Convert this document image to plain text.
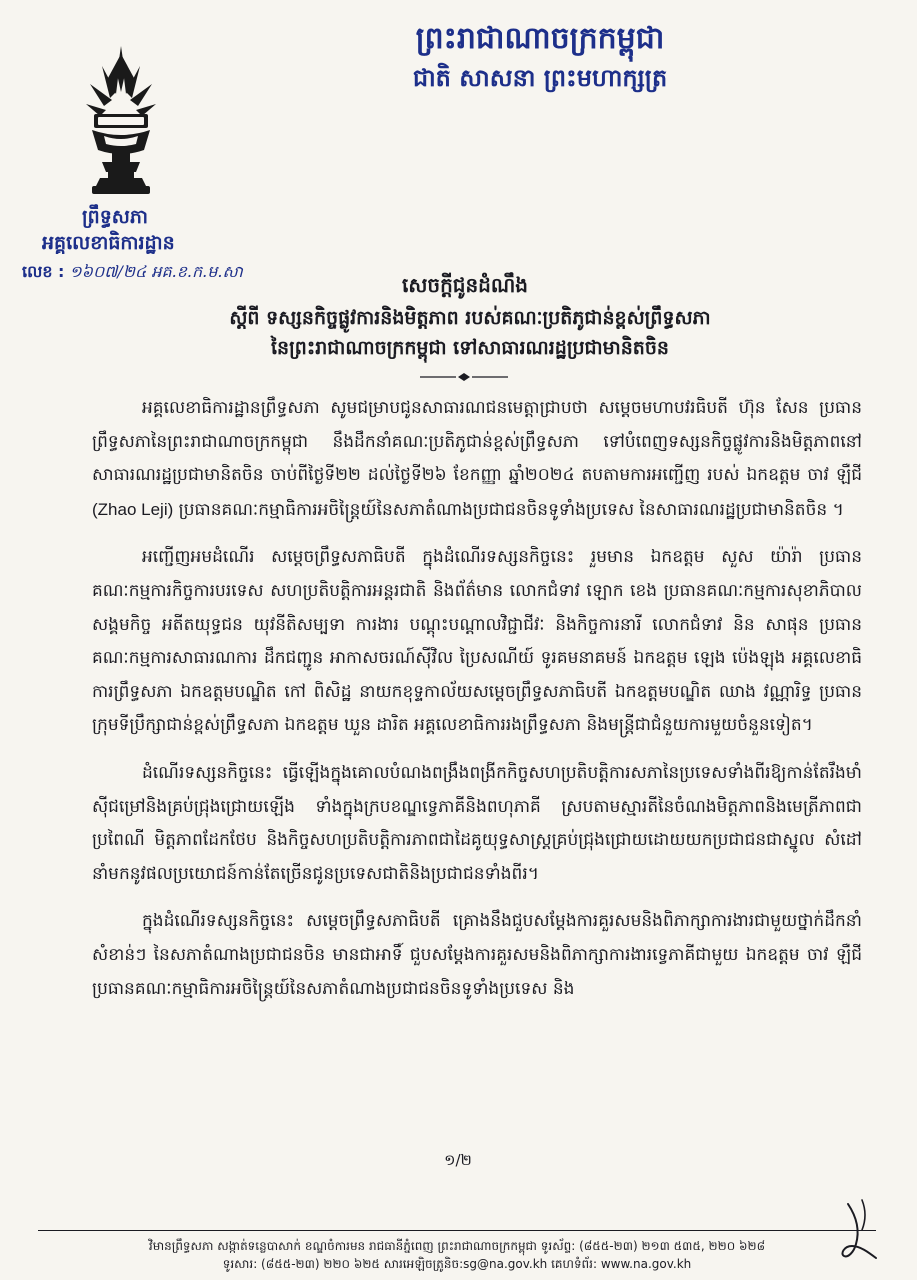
ព្រះរាជាណាចក្រកម្ពុជា
ជាតិ សាសនា ព្រះមហាក្សត្រ
ព្រឹទ្ធសភា
អគ្គលេខាធិការដ្ឋាន
លេខ : ១៦០៧/២៤ អគ.ខ.ក.ម.សា
សេចក្តីជូនដំណឹង
ស្តីពី ទស្សនកិច្ចផ្លូវការនិងមិត្តភាព របស់គណៈប្រតិភូជាន់ខ្ពស់ព្រឹទ្ធសភា
នៃព្រះរាជាណាចក្រកម្ពុជា ទៅសាធារណរដ្ឋប្រជាមានិតចិន

អគ្គលេខាធិការដ្ឋានព្រឹទ្ធសភា សូមជម្រាបជូនសាធារណជនមេត្តាជ្រាបថា សម្តេចមហាបវរធិបតី ហ៊ុន សែន ប្រធានព្រឹទ្ធសភានៃព្រះរាជាណាចក្រកម្ពុជា នឹងដឹកនាំគណៈប្រតិភូជាន់ខ្ពស់ព្រឹទ្ធសភា ទៅបំពេញទស្សនកិច្ចផ្លូវការនិងមិត្តភាពនៅសាធារណរដ្ឋប្រជាមានិតចិន ចាប់ពីថ្ងៃទី២២ ដល់ថ្ងៃទី២៦ ខែកញ្ញា ឆ្នាំ២០២៤ តបតាមការអញ្ជើញ របស់ ឯកឧត្តម ចាវ ឡឺជី (Zhao Leji) ប្រធានគណៈកម្មាធិការអចិន្ត្រៃយ៍នៃសភាតំណាងប្រជាជនចិនទូទាំងប្រទេស នៃសាធារណរដ្ឋប្រជាមានិតចិន ។

អញ្ជើញអមដំណើរ សម្តេចព្រឹទ្ធសភាធិបតី ក្នុងដំណើរទស្សនកិច្ចនេះ រួមមាន ឯកឧត្តម សួស យ៉ារ៉ា ប្រធានគណៈកម្មការកិច្ចការបរទេស សហប្រតិបត្តិការអន្តរជាតិ និងព័ត៌មាន លោកជំទាវ ឡោក ខេង ប្រធានគណៈកម្មការសុខាភិបាល សង្គមកិច្ច អតីតយុទ្ធជន យុវនីតិសម្បទា ការងារ បណ្តុះបណ្តាលវិជ្ជាជីវៈ និងកិច្ចការនារី លោកជំទាវ និន សាផុន ប្រធានគណៈកម្មការសាធារណការ ដឹកជញ្ជូន អាកាសចរណ៍ស៊ីវិល ប្រៃសណីយ៍ ទូរគមនាគមន៍ ឯកឧត្តម ឡេង ប៉េងឡុង អគ្គលេខាធិការព្រឹទ្ធសភា ឯកឧត្តមបណ្ឌិត កៅ ពិសិដ្ឋ នាយកខុទ្ទកាល័យសម្តេចព្រឹទ្ធសភាធិបតី ឯកឧត្តមបណ្ឌិត ឈាង វណ្ណារិទ្ធ ប្រធានក្រុមទីប្រឹក្សាជាន់ខ្ពស់ព្រឹទ្ធសភា ឯកឧត្តម ឃួន ដារិត អគ្គលេខាធិការរងព្រឹទ្ធសភា និងមន្ត្រីជាជំនួយការមួយចំនួនទៀត។

ដំណើរទស្សនកិច្ចនេះ ធ្វើឡើងក្នុងគោលបំណងពង្រឹងពង្រីកកិច្ចសហប្រតិបត្តិការសភានៃប្រទេសទាំងពីរឱ្យកាន់តែរឹងមាំ ស៊ីជម្រៅនិងគ្រប់ជ្រុងជ្រោយឡើង ទាំងក្នុងក្របខណ្ឌទ្វេភាគីនិងពហុភាគី ស្របតាមស្មារតីនៃចំណងមិត្តភាពនិងមេត្រីភាពជាប្រពៃណី មិត្តភាពដែកថែប និងកិច្ចសហប្រតិបត្តិការភាពជាដៃគូយុទ្ធសាស្ត្រគ្រប់ជ្រុងជ្រោយដោយយកប្រជាជនជាស្នូល សំដៅនាំមកនូវផលប្រយោជន៍កាន់តែច្រើនជូនប្រទេសជាតិនិងប្រជាជនទាំងពីរ។

ក្នុងដំណើរទស្សនកិច្ចនេះ សម្តេចព្រឹទ្ធសភាធិបតី គ្រោងនឹងជួបសម្តែងការគួរសមនិងពិភាក្សាការងារជាមួយថ្នាក់ដឹកនាំសំខាន់ៗ នៃសភាតំណាងប្រជាជនចិន មានជាអាទិ៍ ជួបសម្តែងការគួរសមនិងពិភាក្សាការងារទ្វេភាគីជាមួយ ឯកឧត្តម ចាវ ឡឺជី ប្រធានគណៈកម្មាធិការអចិន្ត្រៃយ៍នៃសភាតំណាងប្រជាជនចិនទូទាំងប្រទេស និង

១/២
វិមានព្រឹទ្ធសភា សង្កាត់ទន្លេបាសាក់ ខណ្ឌចំការមន រាជធានីភ្នំពេញ ព្រះរាជាណាចក្រកម្ពុជា ទូរស័ព្ទ: (៨៥៥-២៣) ២១៣ ៥៣៥, ២២០ ៦២៨
ទូរសារ: (៨៥៥-២៣) ២២០ ៦២៥ សារអេឡិចត្រូនិច:sg@na.gov.kh គេហទំព័រ: www.na.gov.kh
